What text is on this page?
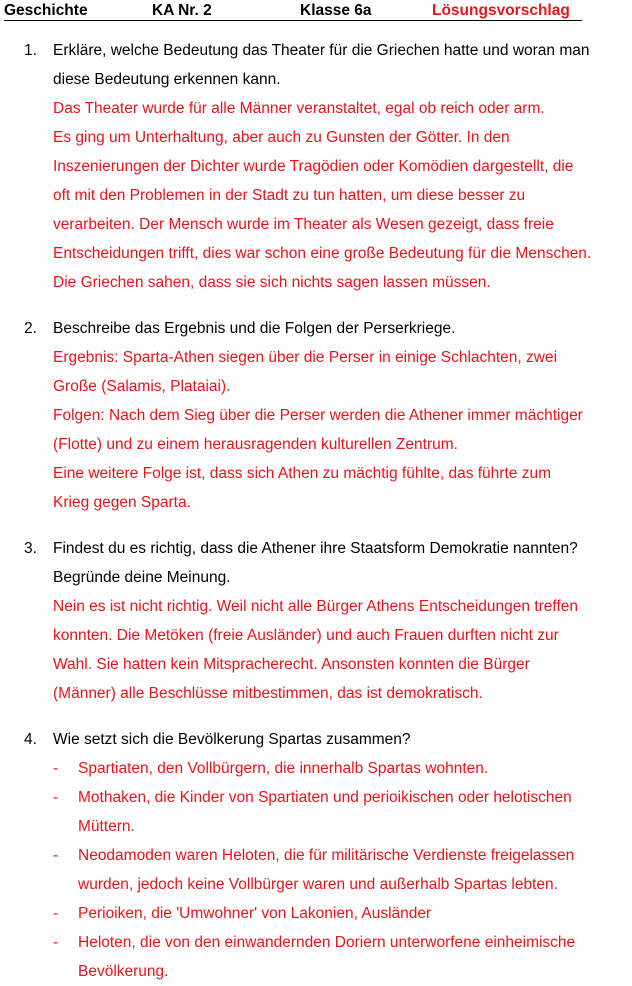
Geschichte	KA Nr. 2	Klasse 6a	Lösungsvorschlag
1. Erkläre, welche Bedeutung das Theater für die Griechen hatte und woran man
diese Bedeutung erkennen kann.

Das Theater wurde für alle Männer veranstaltet, egal ob reich oder arm.

Es ging um Unterhaltung, aber auch zu Gunsten der Götter. In den

Inszenierungen der Dichter wurde Tragödien oder Komödien dargestellt, die

oft mit den Problemen in der Stadt zu tun hatten, um diese besser zu

verarbeiten. Der Mensch wurde im Theater als Wesen gezeigt, dass freie

Entscheidungen trifft, dies war schon eine große Bedeutung für die Menschen.

Die Griechen sahen, dass sie sich nichts sagen lassen müssen.

2. Beschreibe das Ergebnis und die Folgen der Perserkriege.

Ergebnis: Sparta-Athen siegen über die Perser in einige Schlachten, zwei

Große (Salamis, Plataiai).

Folgen: Nach dem Sieg über die Perser werden die Athener immer mächtiger

(Flotte) und zu einem herausragenden kulturellen Zentrum.

Eine weitere Folge ist, dass sich Athen zu mächtig fühlte, das führte zum

Krieg gegen Sparta.

3. Findest du es richtig, dass die Athener ihre Staatsform Demokratie nannten?
Begründe deine Meinung.

Nein es ist nicht richtig. Weil nicht alle Bürger Athens Entscheidungen treffen

konnten. Die Metöken (freie Ausländer) und auch Frauen durften nicht zur

Wahl. Sie hatten kein Mitspracherecht. Ansonsten konnten die Bürger

(Männer) alle Beschlüsse mitbestimmen, das ist demokratisch.

4. Wie setzt sich die Bevölkerung Spartas zusammen?
- Spartiaten, den Vollbürgern, die innerhalb Spartas wohnten.
- Mothaken, die Kinder von Spartiaten und perioikischen oder helotischen
Müttern.
- Neodamoden waren Heloten, die für militärische Verdienste freigelassen
wurden, jedoch keine Vollbürger waren und außerhalb Spartas lebten.
- Perioiken, die 'Umwohner' von Lakonien, Ausländer
- Heloten, die von den einwandernden Doriern unterworfene einheimische
Bevölkerung.
